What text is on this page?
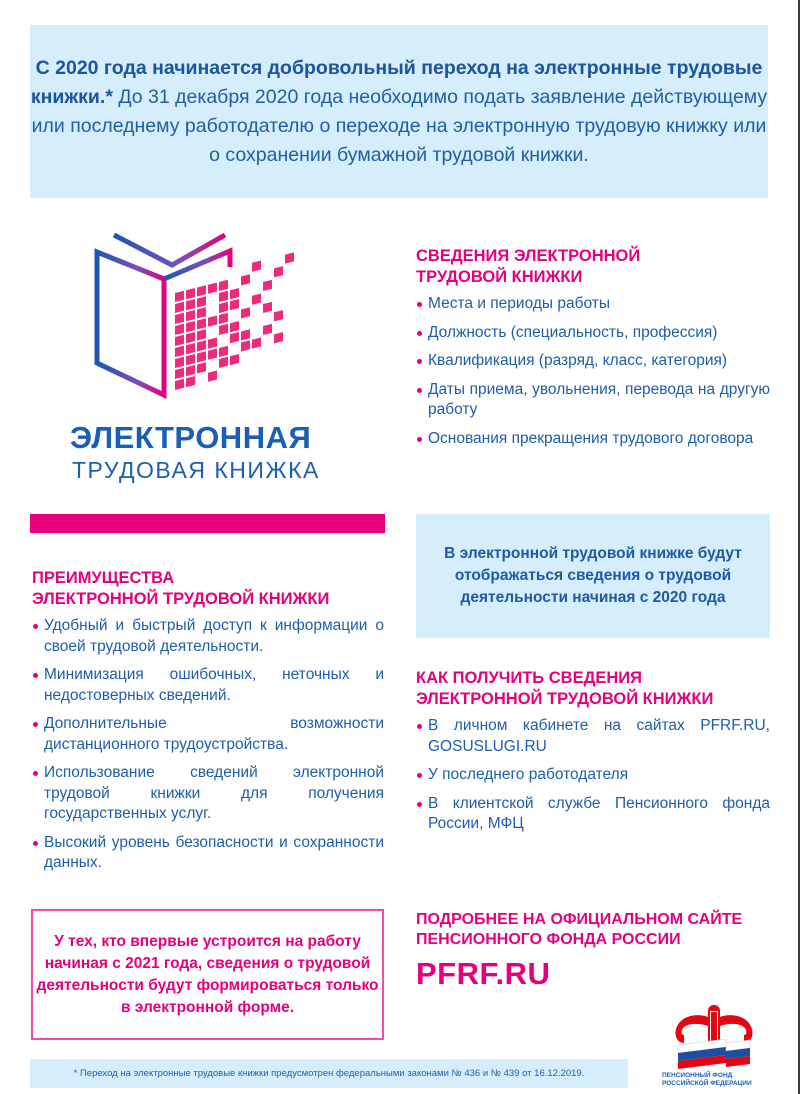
С 2020 года начинается добровольный переход на электронные трудовые книжки.* До 31 декабря 2020 года необходимо подать заявление действующему или последнему работодателю о переходе на электронную трудовую книжку или о сохранении бумажной трудовой книжки.

ЭЛЕКТРОННАЯ
ТРУДОВАЯ КНИЖКА
СВЕДЕНИЯ ЭЛЕКТРОННОЙ
ТРУДОВОЙ КНИЖКИ
Места и периоды работы
Должность (специальность, профессия)
Квалификация (разряд, класс, категория)
Даты приема, увольнения, перевода на другую работу
Основания прекращения трудового договора
ПРЕИМУЩЕСТВА
ЭЛЕКТРОННОЙ ТРУДОВОЙ КНИЖКИ
Удобный и быстрый доступ к информации о своей трудовой деятельности.
Минимизация ошибочных, неточных и недостоверных сведений.
Дополнительные возможности дистанционного трудоустройства.
Использование сведений электронной трудовой книжки для получения государственных услуг.
Высокий уровень безопасности и сохранности данных.

В электронной трудовой книжке будут отображаться сведения о трудовой деятельности начиная с 2020 года

КАК ПОЛУЧИТЬ СВЕДЕНИЯ
ЭЛЕКТРОННОЙ ТРУДОВОЙ КНИЖКИ
В личном кабинете на сайтах PFRF.RU, GOSUSLUGI.RU
У последнего работодателя
В клиентской службе Пенсионного фонда России, МФЦ

У тех, кто впервые устроится на работу начиная с 2021 года, сведения о трудовой деятельности будут формироваться только в электронной форме.

ПОДРОБНЕЕ НА ОФИЦИАЛЬНОМ САЙТЕ
ПЕНСИОННОГО ФОНДА РОССИИ
PFRF.RU
ПЕНСИОННЫЙ ФОНД
РОССИЙСКОЙ ФЕДЕРАЦИИ
* Переход на электронные трудовые книжки предусмотрен федеральными законами № 436 и № 439 от 16.12.2019.
